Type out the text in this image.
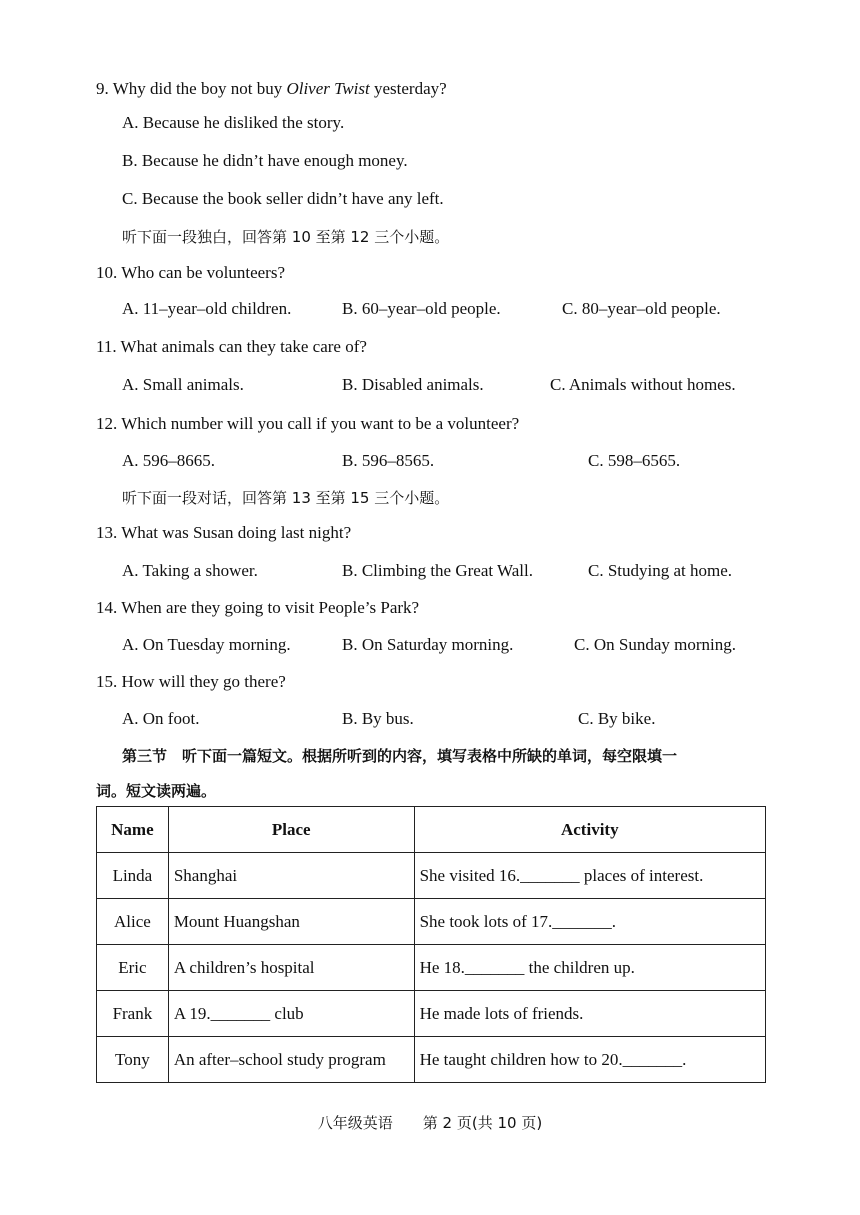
9. Why did the boy not buy Oliver Twist yesterday?
A. Because he disliked the story.
B. Because he didn’t have enough money.
C. Because the book seller didn’t have any left.
听下面一段独白，回答第 10 至第 12 三个小题。
10. Who can be volunteers?
A. 11–year–old children.	B. 60–year–old people.	C. 80–year–old people.
11. What animals can they take care of?
A. Small animals.	B. Disabled animals.	C. Animals without homes.
12. Which number will you call if you want to be a volunteer?
A. 596–8665.	B. 596–8565.	C. 598–6565.
听下面一段对话，回答第 13 至第 15 三个小题。
13. What was Susan doing last night?
A. Taking a shower.	B. Climbing the Great Wall.	C. Studying at home.
14. When are they going to visit People’s Park?
A. On Tuesday morning.	B. On Saturday morning.	C. On Sunday morning.
15. How will they go there?
A. On foot.	B. By bus.	C. By bike.
第三节　听下面一篇短文。根据所听到的内容，填写表格中所缺的单词，每空限填一
词。短文读两遍。
Name	Place	Activity
Linda	Shanghai	She visited 16._______ places of interest.
Alice	Mount Huangshan	She took lots of 17._______.
Eric	A children’s hospital	He 18._______ the children up.
Frank	A 19._______ club	He made lots of friends.
Tony	An after–school study program	He taught children how to 20._______.
八年级英语　　第 2 页(共 10 页)
